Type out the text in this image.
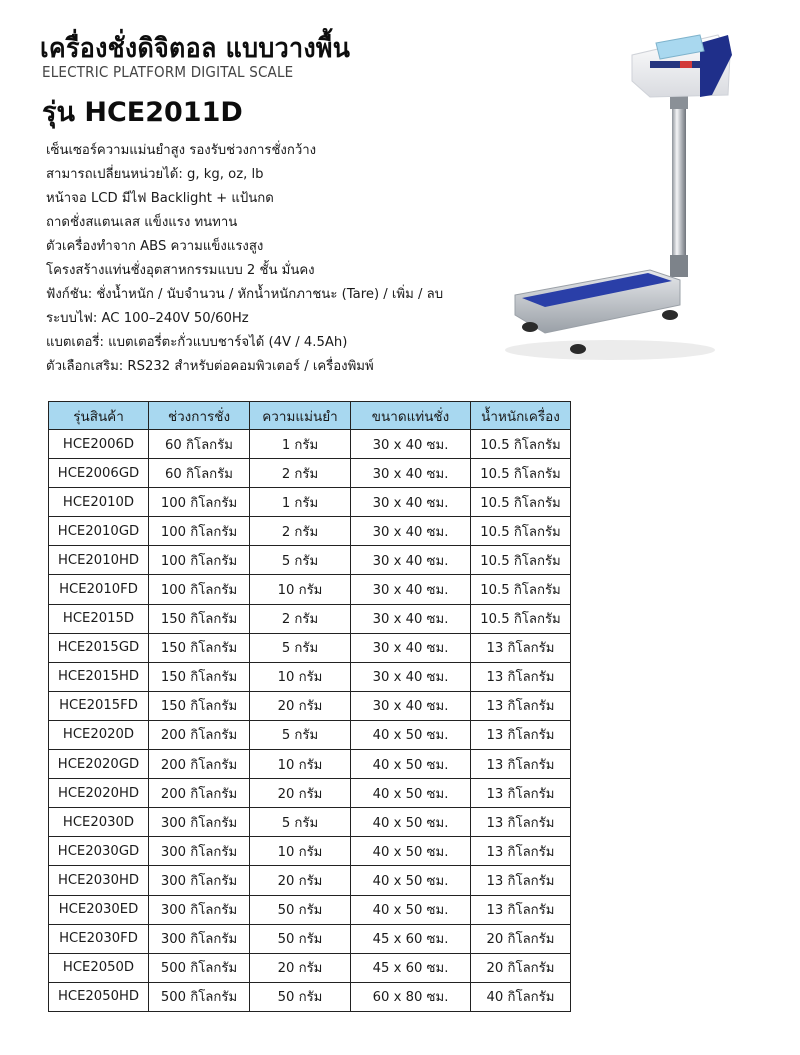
เครื่องชั่งดิจิตอล แบบวางพื้น
ELECTRIC PLATFORM DIGITAL SCALE
รุ่น HCE2011D
เซ็นเซอร์ความแม่นยำสูง รองรับช่วงการชั่งกว้าง
สามารถเปลี่ยนหน่วยได้: g, kg, oz, lb
หน้าจอ LCD มีไฟ Backlight + แป้นกด
ถาดชั่งสแตนเลส แข็งแรง ทนทาน
ตัวเครื่องทำจาก ABS ความแข็งแรงสูง
โครงสร้างแท่นชั่งอุตสาหกรรมแบบ 2 ชั้น มั่นคง
ฟังก์ชัน: ชั่งน้ำหนัก / นับจำนวน / หักน้ำหนักภาชนะ (Tare) / เพิ่ม / ลบ
ระบบไฟ: AC 100–240V 50/60Hz
แบตเตอรี่: แบตเตอรี่ตะกั่วแบบชาร์จได้ (4V / 4.5Ah)
ตัวเลือกเสริม: RS232 สำหรับต่อคอมพิวเตอร์ / เครื่องพิมพ์
รุ่นสินค้า	ช่วงการชั่ง	ความแม่นยำ	ขนาดแท่นชั่ง	น้ำหนักเครื่อง
HCE2006D	60 กิโลกรัม	1 กรัม	30 x 40 ซม.	10.5 กิโลกรัม
HCE2006GD	60 กิโลกรัม	2 กรัม	30 x 40 ซม.	10.5 กิโลกรัม
HCE2010D	100 กิโลกรัม	1 กรัม	30 x 40 ซม.	10.5 กิโลกรัม
HCE2010GD	100 กิโลกรัม	2 กรัม	30 x 40 ซม.	10.5 กิโลกรัม
HCE2010HD	100 กิโลกรัม	5 กรัม	30 x 40 ซม.	10.5 กิโลกรัม
HCE2010FD	100 กิโลกรัม	10 กรัม	30 x 40 ซม.	10.5 กิโลกรัม
HCE2015D	150 กิโลกรัม	2 กรัม	30 x 40 ซม.	10.5 กิโลกรัม
HCE2015GD	150 กิโลกรัม	5 กรัม	30 x 40 ซม.	13 กิโลกรัม
HCE2015HD	150 กิโลกรัม	10 กรัม	30 x 40 ซม.	13 กิโลกรัม
HCE2015FD	150 กิโลกรัม	20 กรัม	30 x 40 ซม.	13 กิโลกรัม
HCE2020D	200 กิโลกรัม	5 กรัม	40 x 50 ซม.	13 กิโลกรัม
HCE2020GD	200 กิโลกรัม	10 กรัม	40 x 50 ซม.	13 กิโลกรัม
HCE2020HD	200 กิโลกรัม	20 กรัม	40 x 50 ซม.	13 กิโลกรัม
HCE2030D	300 กิโลกรัม	5 กรัม	40 x 50 ซม.	13 กิโลกรัม
HCE2030GD	300 กิโลกรัม	10 กรัม	40 x 50 ซม.	13 กิโลกรัม
HCE2030HD	300 กิโลกรัม	20 กรัม	40 x 50 ซม.	13 กิโลกรัม
HCE2030ED	300 กิโลกรัม	50 กรัม	40 x 50 ซม.	13 กิโลกรัม
HCE2030FD	300 กิโลกรัม	50 กรัม	45 x 60 ซม.	20 กิโลกรัม
HCE2050D	500 กิโลกรัม	20 กรัม	45 x 60 ซม.	20 กิโลกรัม
HCE2050HD	500 กิโลกรัม	50 กรัม	60 x 80 ซม.	40 กิโลกรัม
